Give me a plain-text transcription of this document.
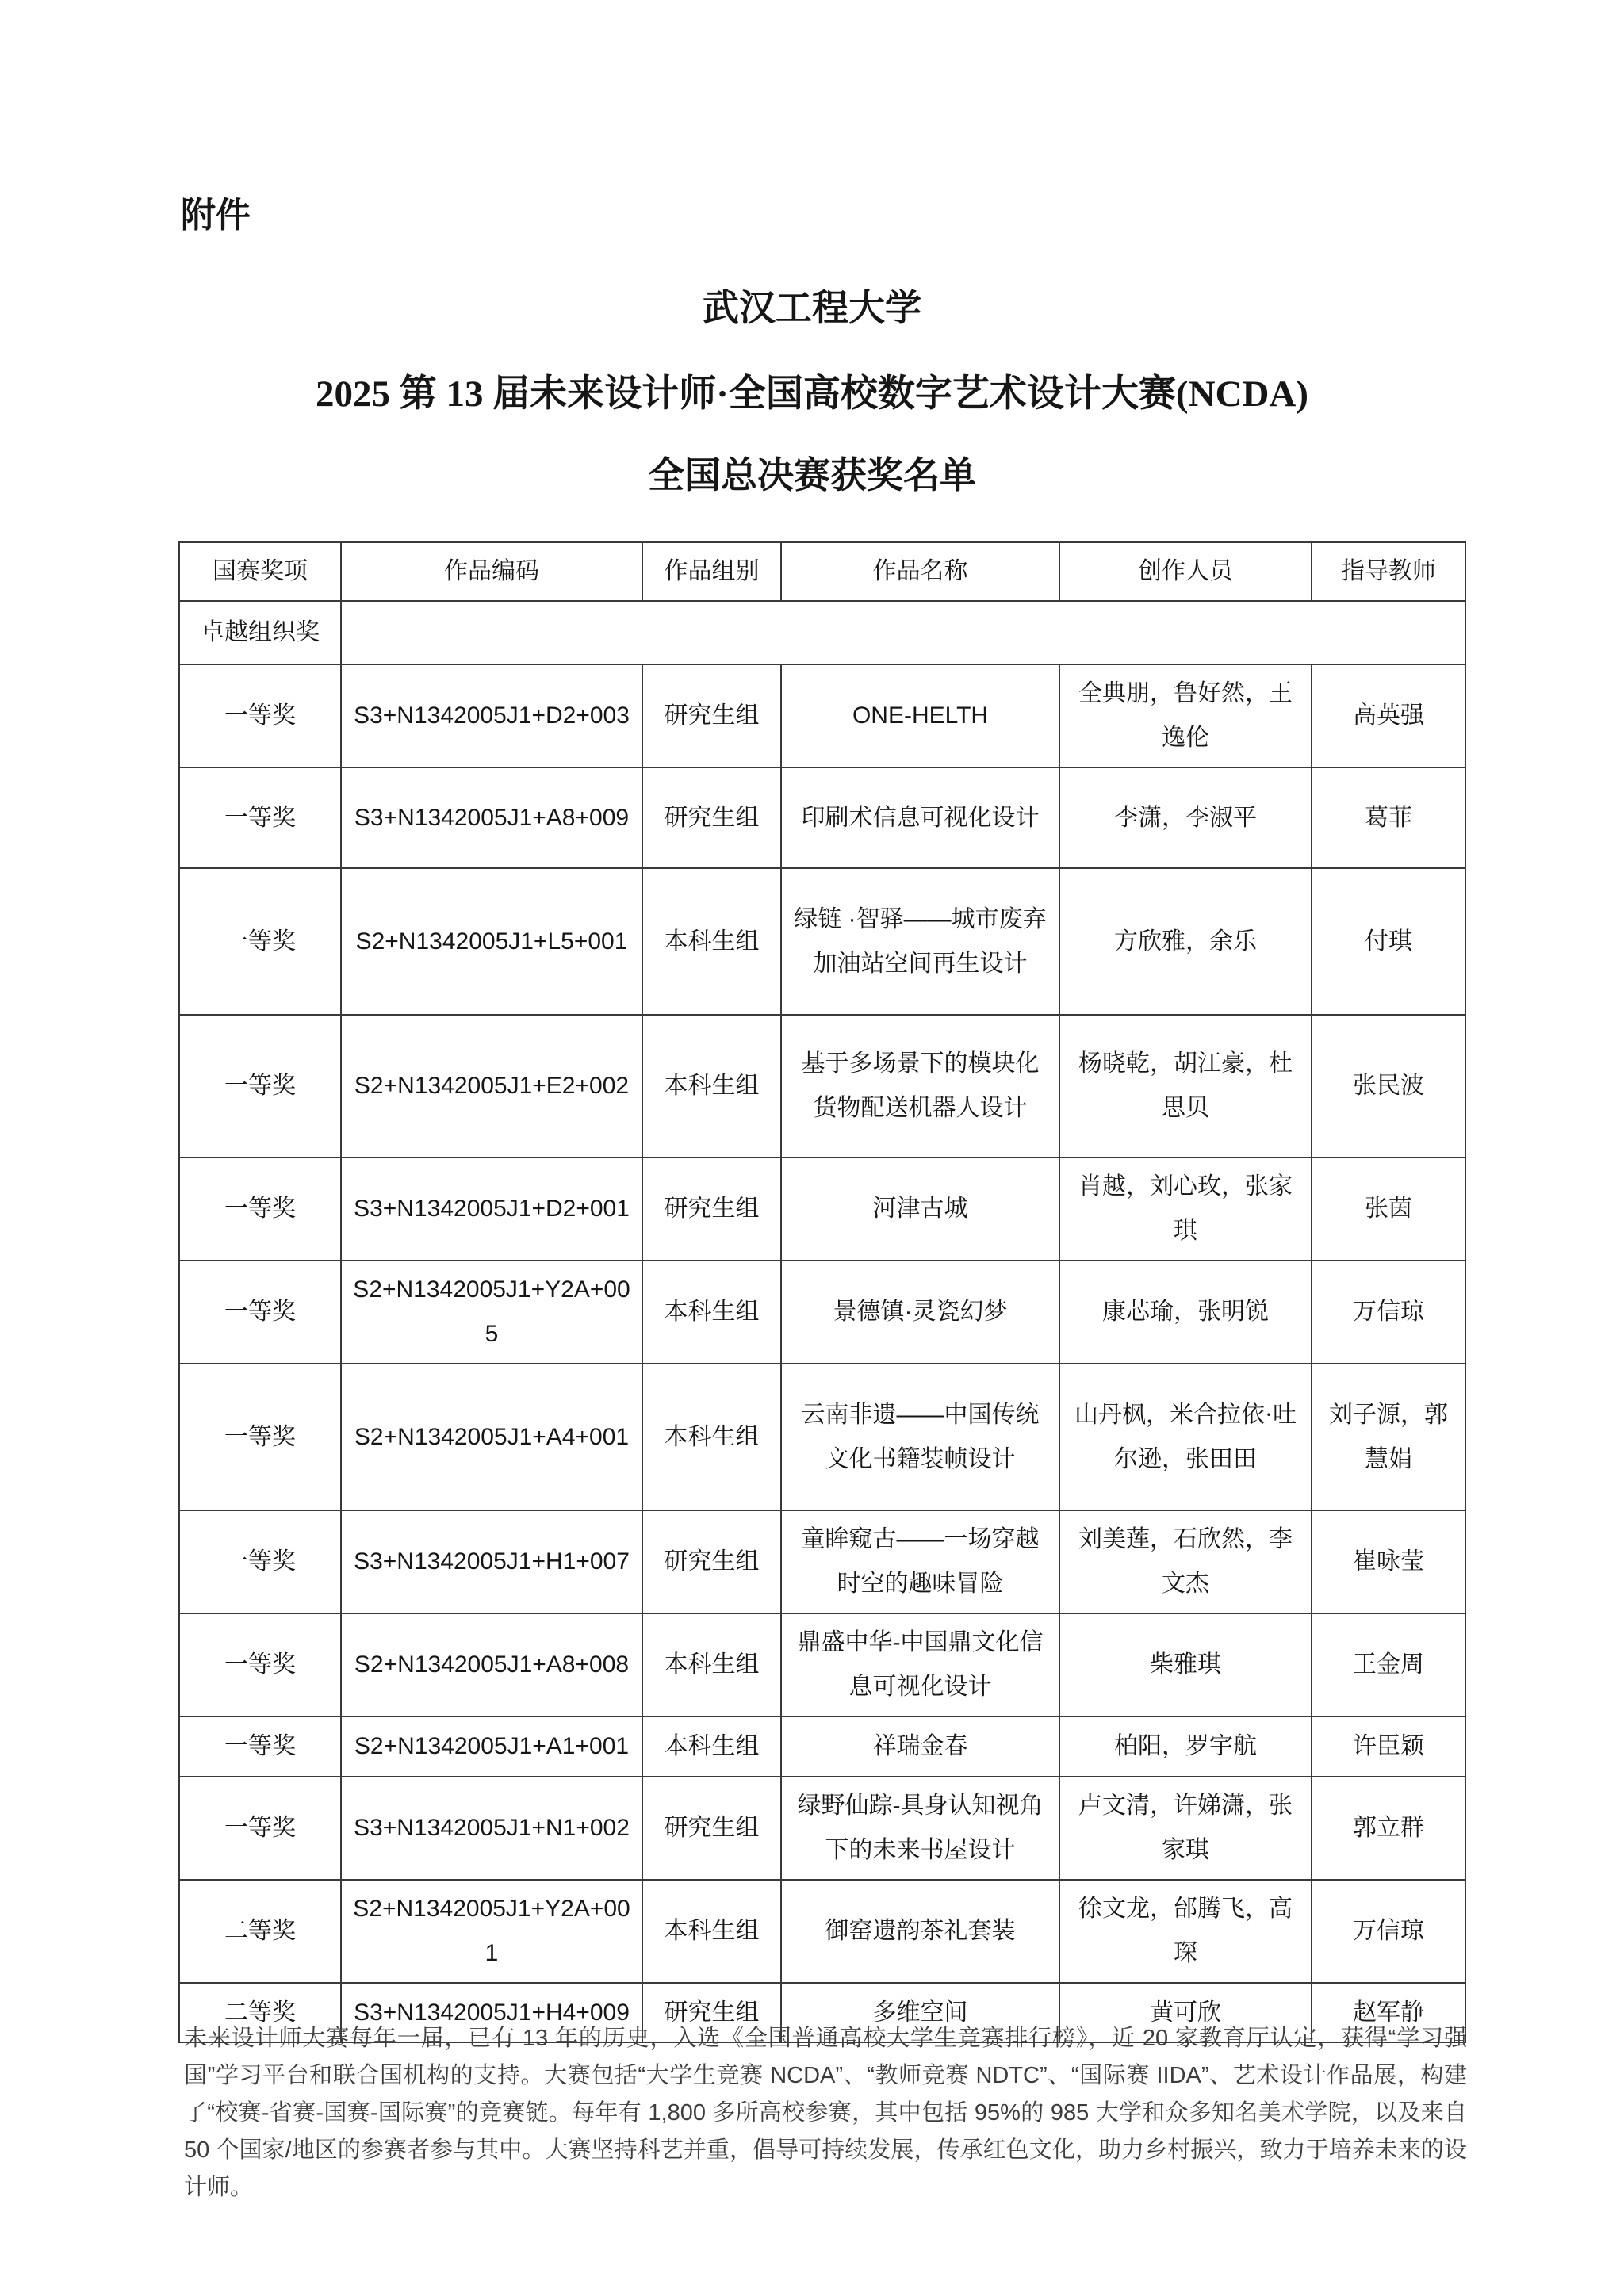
附件
武汉工程大学
2025 第 13 届未来设计师·全国高校数字艺术设计大赛(NCDA)
全国总决赛获奖名单
国赛奖项	作品编码	作品组别	作品名称	创作人员	指导教师
卓越组织奖					
一等奖	S3+N1342005J1+D2+003	研究生组	ONE-HELTH	全典朋，鲁好然，王逸伦	高英强
一等奖	S3+N1342005J1+A8+009	研究生组	印刷术信息可视化设计	李潇，李淑平	葛菲
一等奖	S2+N1342005J1+L5+001	本科生组	绿链 ·智驿——城市废弃加油站空间再生设计	方欣雅，余乐	付琪
一等奖	S2+N1342005J1+E2+002	本科生组	基于多场景下的模块化货物配送机器人设计	杨晓乾，胡江豪，杜思贝	张民波
一等奖	S3+N1342005J1+D2+001	研究生组	河津古城	肖越，刘心玫，张家琪	张茵
一等奖	S2+N1342005J1+Y2A+005	本科生组	景德镇·灵瓷幻梦	康芯瑜，张明锐	万信琼
一等奖	S2+N1342005J1+A4+001	本科生组	云南非遗——中国传统文化书籍装帧设计	山丹枫，米合拉依·吐尔逊，张田田	刘子源，郭慧娟
一等奖	S3+N1342005J1+H1+007	研究生组	童眸窥古——一场穿越时空的趣味冒险	刘美莲，石欣然，李文杰	崔咏莹
一等奖	S2+N1342005J1+A8+008	本科生组	鼎盛中华-中国鼎文化信息可视化设计	柴雅琪	王金周
一等奖	S2+N1342005J1+A1+001	本科生组	祥瑞金春	柏阳，罗宇航	许臣颖
一等奖	S3+N1342005J1+N1+002	研究生组	绿野仙踪-具身认知视角下的未来书屋设计	卢文清，许娣潇，张家琪	郭立群
二等奖	S2+N1342005J1+Y2A+001	本科生组	御窑遗韵茶礼套装	徐文龙，邰腾飞，高琛	万信琼
二等奖	S3+N1342005J1+H4+009	研究生组	多维空间	黄可欣	赵军静
未来设计师大赛每年一届，已有 13 年的历史，入选《全国普通高校大学生竞赛排行榜》，近 20 家教育厅认定，获得“学习强国”学习平台和联合国机构的支持。大赛包括“大学生竞赛 NCDA”、“教师竞赛 NDTC”、“国际赛 IIDA”、艺术设计作品展，构建了“校赛-省赛-国赛-国际赛”的竞赛链。每年有 1,800 多所高校参赛，其中包括 95%的 985 大学和众多知名美术学院，以及来自 50 个国家/地区的参赛者参与其中。大赛坚持科艺并重，倡导可持续发展，传承红色文化，助力乡村振兴，致力于培养未来的设计师。
